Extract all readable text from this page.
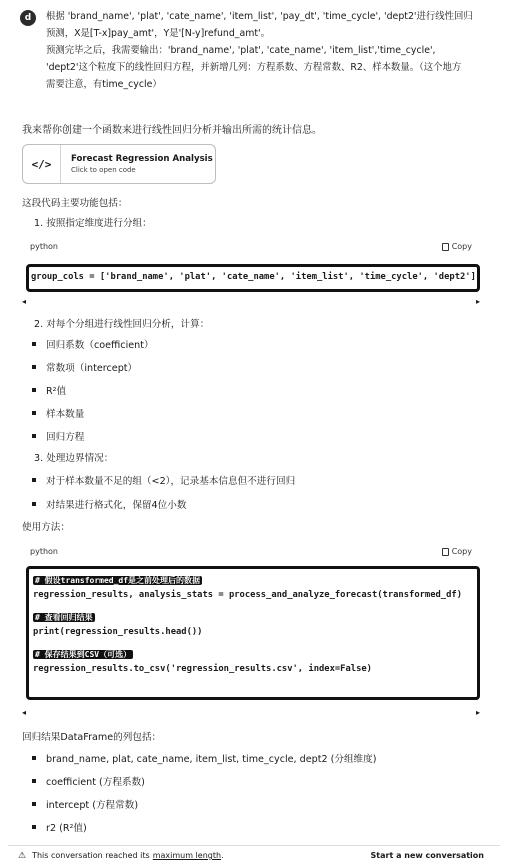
d	根据 'brand_name', 'plat', 'cate_name', 'item_list', 'pay_dt', 'time_cycle', 'dept2'进行线性回归

预测，X是[T-x]pay_amt'，Y是'[N-y]refund_amt'。

预测完毕之后，我需要输出：'brand_name', 'plat', 'cate_name', 'item_list','time_cycle',

'dept2'这个粒度下的线性回归方程，并新增几列：方程系数、方程常数、R2、样本数量。（这个地方

需要注意，有time_cycle）

我来帮你创建一个函数来进行线性回归分析并输出所需的统计信息。
</>	Forecast Regression Analysis
Click to open code
这段代码主要功能包括：
1. 按照指定维度进行分组：
python	Copy
group_cols = ['brand_name', 'plat', 'cate_name', 'item_list', 'time_cycle', 'dept2']
◂	▸
2. 对每个分组进行线性回归分析，计算：
回归系数（coefficient）
常数项（intercept）
R²值
样本数量
回归方程
3. 处理边界情况：
对于样本数量不足的组（<2），记录基本信息但不进行回归
对结果进行格式化，保留4位小数
使用方法：
python	Copy
# 假设transformed_df是之前处理后的数据
regression_results, analysis_stats = process_and_analyze_forecast(transformed_df)
# 查看回归结果
print(regression_results.head())
# 保存结果到CSV（可选）
regression_results.to_csv('regression_results.csv', index=False)
◂	▸
回归结果DataFrame的列包括：
brand_name, plat, cate_name, item_list, time_cycle, dept2 (分组维度)
coefficient (方程系数)
intercept (方程常数)
r2 (R²值)
⚠ This conversation reached its maximum length .	Start a new conversation
